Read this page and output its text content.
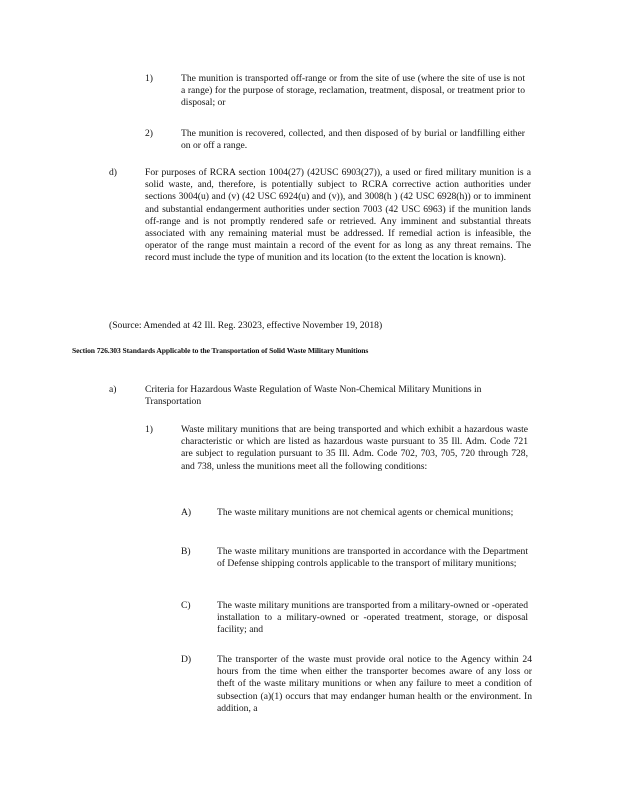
1)	The munition is transported off-range or from the site of use (where the site of use is not a range) for the purpose of storage, reclamation, treatment, disposal, or treatment prior to disposal; or
2)	The munition is recovered, collected, and then disposed of by burial or landfilling either on or off a range.
d)	For purposes of RCRA section 1004(27) (42USC 6903(27)), a used or fired military munition is a solid waste, and, therefore, is potentially subject to RCRA corrective action authorities under sections 3004(u) and (v) (42 USC 6924(u) and (v)), and 3008(h ) (42 USC 6928(h)) or to imminent and substantial endangerment authorities under section 7003 (42 USC 6963) if the munition lands off-range and is not promptly rendered safe or retrieved. Any imminent and substantial threats associated with any remaining material must be addressed. If remedial action is infeasible, the operator of the range must maintain a record of the event for as long as any threat remains. The record must include the type of munition and its location (to the extent the location is known).
(Source: Amended at 42 Ill. Reg. 23023, effective November 19, 2018)
Section 726.303 Standards Applicable to the Transportation of Solid Waste Military Munitions
a)	Criteria for Hazardous Waste Regulation of Waste Non-Chemical Military Munitions in Transportation
1)	Waste military munitions that are being transported and which exhibit a hazardous waste characteristic or which are listed as hazardous waste pursuant to 35 Ill. Adm. Code 721 are subject to regulation pursuant to 35 Ill. Adm. Code 702, 703, 705, 720 through 728, and 738, unless the munitions meet all the following conditions:
A)	The waste military munitions are not chemical agents or chemical munitions;
B)	The waste military munitions are transported in accordance with the Department of Defense shipping controls applicable to the transport of military munitions;
C)	The waste military munitions are transported from a military-owned or -operated installation to a military-owned or -operated treatment, storage, or disposal facility; and
D)	The transporter of the waste must provide oral notice to the Agency within 24 hours from the time when either the transporter becomes aware of any loss or theft of the waste military munitions or when any failure to meet a condition of subsection (a)(1) occurs that may endanger human health or the environment. In addition, a
